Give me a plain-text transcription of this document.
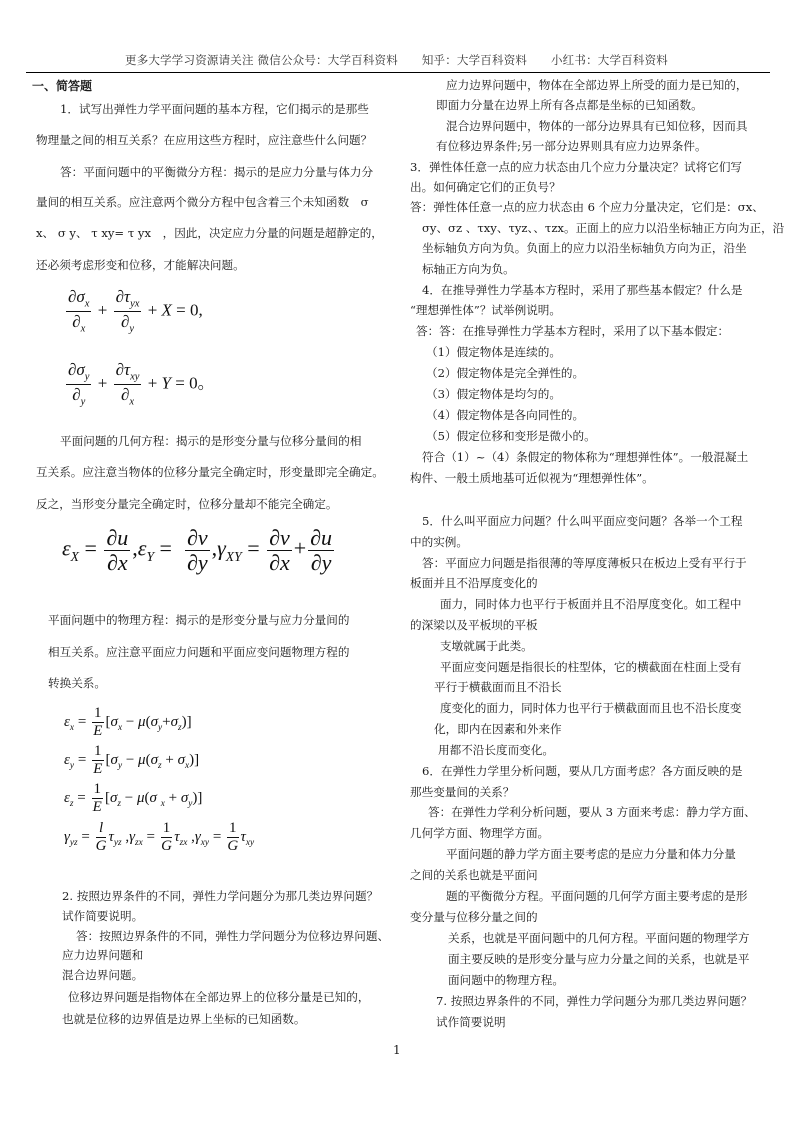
更多大学学习资源请关注 微信公众号：大学百科资料 知乎：大学百科资料 小红书：大学百科资料
一、简答题
1．试写出弹性力学平面问题的基本方程，它们揭示的是那些
物理量之间的相互关系？在应用这些方程时，应注意些什么问题？
答：平面问题中的平衡微分方程：揭示的是应力分量与体力分
量间的相互关系。应注意两个微分方程中包含着三个未知函数　σ
x、 σ y、 τ xy= τ yx　，因此，决定应力分量的问题是超静定的，
还必须考虑形变和位移，才能解决问题。
$\frac{\partial\sigma_x}{\partial_x} + \frac{\partial\tau_{yx}}{\partial_y} + X = 0$,
$\frac{\partial\sigma_y}{\partial_y} + \frac{\partial\tau_{xy}}{\partial_x} + Y = 0$。
平面问题的几何方程：揭示的是形变分量与位移分量间的相
互关系。应注意当物体的位移分量完全确定时，形变量即完全确定。
反之，当形变分量完全确定时，位移分量却不能完全确定。
$\varepsilon_X = \frac{\partial u}{\partial x} ,\varepsilon_Y = \frac{\partial v}{\partial y} ,\gamma_{XY} = \frac{\partial v}{\partial x} + \frac{\partial u}{\partial y}$
平面问题中的物理方程：揭示的是形变分量与应力分量间的
相互关系。应注意平面应力问题和平面应变问题物理方程的
转换关系。
$\varepsilon_x = \frac{1}{E} [\sigma_x - \mu(\sigma_y+\sigma_z)]$
$\varepsilon_y = \frac{1}{E} [\sigma_y - \mu(\sigma_z + \sigma_x)]$
$\varepsilon_z = \frac{1}{E} [\sigma_z - \mu(\sigma$ $_x + \sigma_y$)]
$\gamma_{yz} = \frac{l}{G} \tau_{yz}$ $,\gamma_{zx} = \frac{1}{G} \tau_{zx}$ $,\gamma_{xy} = \frac{1}{G} \tau_{xy}$
2. 按照边界条件的不同，弹性力学问题分为那几类边界问题？
试作简要说明。
答：按照边界条件的不同，弹性力学问题分为位移边界问题、
应力边界问题和
混合边界问题。
位移边界问题是指物体在全部边界上的位移分量是已知的，
也就是位移的边界值是边界上坐标的已知函数。
应力边界问题中，物体在全部边界上所受的面力是已知的，
即面力分量在边界上所有各点都是坐标的已知函数。
混合边界问题中，物体的一部分边界具有已知位移，因而具
有位移边界条件;另一部分边界则具有应力边界条件。
3．弹性体任意一点的应力状态由几个应力分量决定？试将它们写
出。如何确定它们的正负号？
答：弹性体任意一点的应力状态由 6 个应力分量决定，它们是：σx、
σy、σz 、τxy、τyz、、τzx。正面上的应力以沿坐标轴正方向为正，沿
坐标轴负方向为负。负面上的应力以沿坐标轴负方向为正，沿坐
标轴正方向为负。
4．在推导弹性力学基本方程时，采用了那些基本假定？什么是
“理想弹性体”？试举例说明。
答：答：在推导弹性力学基本方程时，采用了以下基本假定：
（1）假定物体是连续的。
（2）假定物体是完全弹性的。
（3）假定物体是均匀的。
（4）假定物体是各向同性的。
（5）假定位移和变形是微小的。
符合（1）~（4）条假定的物体称为“理想弹性体”。一般混凝土
构件、一般土质地基可近似视为“理想弹性体”。
5．什么叫平面应力问题？什么叫平面应变问题？各举一个工程
中的实例。
答：平面应力问题是指很薄的等厚度薄板只在板边上受有平行于
板面并且不沿厚度变化的
面力，同时体力也平行于板面并且不沿厚度变化。如工程中
的深梁以及平板坝的平板
支墩就属于此类。
平面应变问题是指很长的柱型体，它的横截面在柱面上受有
平行于横截面而且不沿长
度变化的面力，同时体力也平行于横截面而且也不沿长度变
化，即内在因素和外来作
用都不沿长度而变化。
6．在弹性力学里分析问题，要从几方面考虑？各方面反映的是
那些变量间的关系？
答：在弹性力学利分析问题，要从 3 方面来考虑：静力学方面、
几何学方面、物理学方面。
平面问题的静力学方面主要考虑的是应力分量和体力分量
之间的关系也就是平面问
题的平衡微分方程。平面问题的几何学方面主要考虑的是形
变分量与位移分量之间的
关系，也就是平面问题中的几何方程。平面问题的物理学方
面主要反映的是形变分量与应力分量之间的关系，也就是平
面问题中的物理方程。
7. 按照边界条件的不同，弹性力学问题分为那几类边界问题？
试作简要说明
1
